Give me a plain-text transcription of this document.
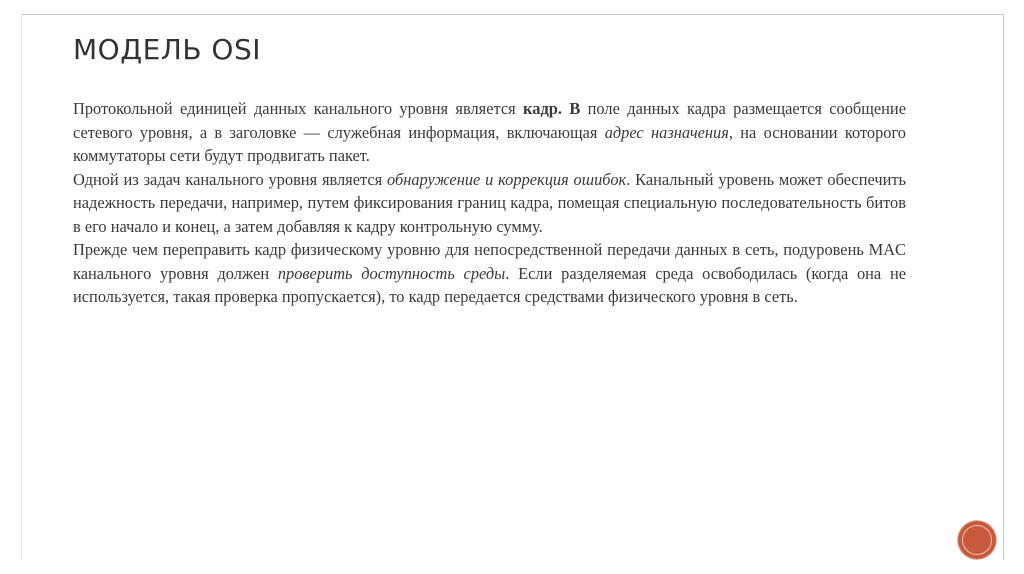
МОДЕЛЬ OSI

Протокольной единицей данных канального уровня является кадр. В поле данных кадра размещается сообщение сетевого уровня, а в заголовке — служебная информация, включающая адрес назначения, на основании которого коммутаторы сети будут продвигать пакет.

Одной из задач канального уровня является обнаружение и коррекция ошибок. Канальный уровень может обеспечить надежность передачи, например, путем фиксирования границ кадра, помещая специальную последовательность битов в его начало и конец, а затем добавляя к кадру контрольную сумму.

Прежде чем переправить кадр физическому уровню для непосредственной передачи данных в сеть, подуровень MAC канального уровня должен проверить доступность среды. Если разделяемая среда освободилась (когда она не используется, такая проверка пропускается), то кадр передается средствами физического уровня в сеть.
